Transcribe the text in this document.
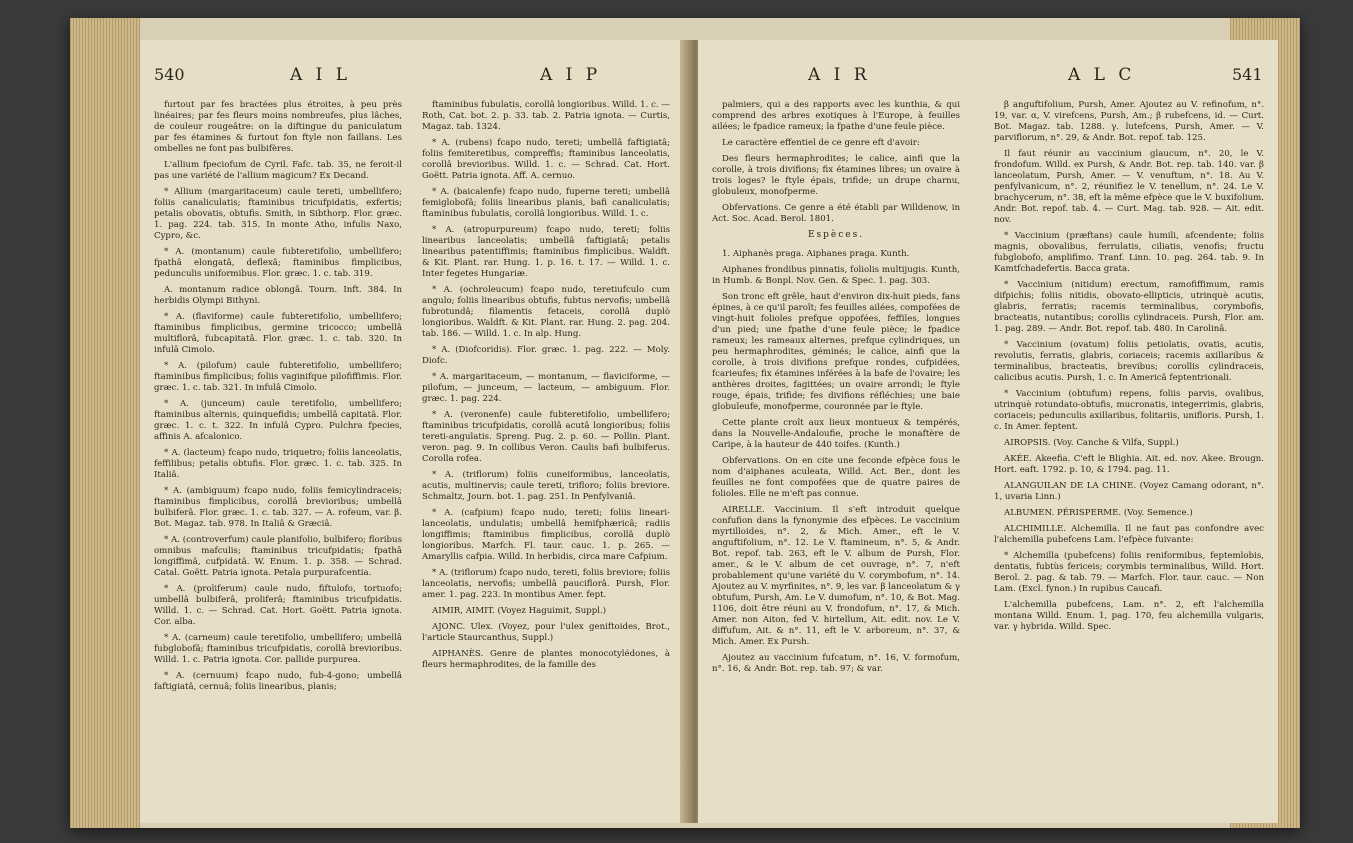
540	A I L	A I P

furtout par fes bractées plus étroites, à peu près linéaires; par fes fleurs moins nombreufes, plus lâches, de couleur rougeâtre: on la diftingue du paniculatum par fes étamines & furtout fon ftyle non faillans. Les ombelles ne font pas bulbifères.

L'allium fpeciofum de Cyril. Fafc. tab. 35, ne feroit-il pas une variété de l'allium magicum? Ex Decand.

* Allium (margaritaceum) caule tereti, umbellifero; foliis canaliculatis; ftaminibus tricufpidatis, exfertis; petalis obovatis, obtufis. Smith, in Sibthorp. Flor. græc. 1. pag. 224. tab. 315. In monte Atho, infulis Naxo, Cypro, &c.

* A. (montanum) caule fubteretifolio, umbellifero; fpathâ elongatâ, deflexâ; ftaminibus fimplicibus, pedunculis uniformibus. Flor. græc. 1. c. tab. 319.

A. montanum radice oblongâ. Tourn. Inft. 384. In herbidis Olympi Bithyni.

* A. (flaviforme) caule fubteretifolio, umbellifero; ftaminibus fimplicibus, germine tricocco; umbellâ multiflorâ, fubcapitatâ. Flor. græc. 1. c. tab. 320. In infulâ Cimolo.

* A. (pilofum) caule fubteretifolio, umbellifero; ftaminibus fimplicibus; foliis vaginifque pilofiffimis. Flor. græc. 1. c. tab. 321. In infulâ Cimolo.

* A. (junceum) caule teretifolio, umbellifero; ftaminibus alternis, quinquefidis; umbellâ capitatâ. Flor. græc. 1. c. t. 322. In infulâ Cypro. Pulchra fpecies, affinis A. afcalonico.

* A. (lacteum) fcapo nudo, triquetro; foliis lanceolatis, feffilibus; petalis obtufis. Flor. græc. 1. c. tab. 325. In Italiâ.

* A. (ambiguum) fcapo nudo, foliis femicylindraceis; ftaminibus fimplicibus, corollâ brevioribus; umbellâ bulbiferâ. Flor. græc. 1. c. tab. 327. — A. rofeum, var. β. Bot. Magaz. tab. 978. In Italiâ & Græciâ.

* A. (controverfum) caule planifolio, bulbifero; floribus omnibus mafculis; ftaminibus tricufpidatis; fpathâ longiffimâ, cufpidatâ. W. Enum. 1. p. 358. — Schrad. Catal. Goëtt. Patria ignota. Petala purpurafcentia.

* A. (proliferum) caule nudo, fiftulofo, tortuofo; umbellâ bulbiferâ, proliferâ; ftaminibus tricufpidatis. Willd. 1. c. — Schrad. Cat. Hort. Goëtt. Patria ignota. Cor. alba.

* A. (carneum) caule teretifolio, umbellifero; umbellâ fubglobofâ; ftaminibus tricufpidatis, corollâ brevioribus. Willd. 1. c. Patria ignota. Cor. pallide purpurea.

* A. (cernuum) fcapo nudo, fub-4-gono; umbellâ faftigiatâ, cernuâ; foliis linearibus, planis;

ftaminibus fubulatis, corollâ longioribus. Willd. 1. c. — Roth, Cat. bot. 2. p. 33. tab. 2. Patria ignota. — Curtis, Magaz. tab. 1324.

* A. (rubens) fcapo nudo, tereti; umbellâ faftigiatâ; foliis femiteretibus, compreffis; ftaminibus lanceolatis, corollâ brevioribus. Willd. 1. c. — Schrad. Cat. Hort. Goëtt. Patria ignota. Aff. A. cernuo.

* A. (baicalenfe) fcapo nudo, fuperne tereti; umbellâ femiglobofâ; foliis linearibus planis, bafi canaliculatis; ftaminibus fubulatis, corollâ longioribus. Willd. 1. c.

* A. (atropurpureum) fcapo nudo, tereti; foliis linearibus lanceolatis; umbellâ faftigiatâ; petalis linearibus patentiffimis; ftaminibus fimplicibus. Waldft. & Kit. Plant. rar. Hung. 1. p. 16. t. 17. — Willd. 1. c. Inter fegetes Hungariæ.

* A. (ochroleucum) fcapo nudo, teretiufculo cum angulo; foliis linearibus obtufis, fubtus nervofis; umbellâ fubrotundâ; filamentis fetaceis, corollâ duplò longioribus. Waldft. & Kit. Plant. rar. Hung. 2. pag. 204. tab. 186. — Willd. 1. c. In alp. Hung.

* A. (Diofcoridis). Flor. græc. 1. pag. 222. — Moly. Diofc.

* A. margaritaceum, — montanum, — flaviciforme, — pilofum, — junceum, — lacteum, — ambiguum. Flor. græc. 1. pag. 224.

* A. (veronenfe) caule fubteretifolio, umbellifero; ftaminibus tricufpidatis, corollâ acutâ longioribus; foliis tereti-angulatis. Spreng. Pug. 2. p. 60. — Pollin. Plant. veron. pag. 9. In collibus Veron. Caulis bafi bulbiferus. Corolla rofea.

* A. (triflorum) foliis cuneiformibus, lanceolatis, acutis, multinervis; caule tereti, trifloro; foliis breviore. Schmaltz, Journ. bot. 1. pag. 251. In Penfylvaniâ.

* A. (cafpium) fcapo nudo, tereti; foliis lineari-lanceolatis, undulatis; umbellâ hemifphæricâ; radiis longiffimis; ftaminibus fimplicibus, corollâ duplò longioribus. Marfch. Fl. taur. cauc. 1. p. 265. — Amaryllis cafpia. Willd. In herbidis, circa mare Cafpium.

* A. (triflorum) fcapo nudo, tereti, foliis breviore; foliis lanceolatis, nervofis; umbellâ pauciflorâ. Pursh, Flor. amer. 1. pag. 223. In montibus Amer. fept.

AIMIR, AIMIT. (Voyez Haguimit, Suppl.)

AJONC. Ulex. (Voyez, pour l'ulex geniftoides, Brot., l'article Staurcanthus, Suppl.)

AIPHANÈS. Genre de plantes monocotylédones, à fleurs hermaphrodites, de la famille des

A I R	A L C	541

palmiers, qui a des rapports avec les kunthia, & qui comprend des arbres exotiques à l'Europe, à feuilles ailées; le fpadice rameux; la fpathe d'une feule pièce.

Le caractère effentiel de ce genre eft d'avoir:

Des fleurs hermaphrodites; le calice, ainfi que la corolle, à trois divifions; fix étamines libres; un ovaire à trois loges? le ftyle épais, trifide; un drupe charnu, globuleux, monofperme.

Obfervations. Ce genre a été établi par Willdenow, in Act. Soc. Acad. Berol. 1801.

Espèces.

1. Aiphanès praga. Aiphanes praga. Kunth.

Aiphanes frondibus pinnatis, foliolis multijugis. Kunth, in Humb. & Bonpl. Nov. Gen. & Spec. 1. pag. 303.

Son tronc eft grêle, haut d'environ dix-huit pieds, fans épines, à ce qu'il paroît; fes feuilles ailées, compofées de vingt-huit folioles prefque oppofées, feffiles, longues d'un pied; une fpathe d'une feule pièce; le fpadice rameux; les rameaux alternes, prefque cylindriques, un peu hermaphrodites, géminés; le calice, ainfi que la corolle, à trois divifions prefque rondes, cufpidées, fcarieufes; fix étamines inférées à la bafe de l'ovaire; les anthères droites, fagittées; un ovaire arrondi; le ftyle rouge, épais, trifide; fes divifions réfléchies; une baie globuleufe, monofperme, couronnée par le ftyle.

Cette plante croît aux lieux montueux & tempérés, dans la Nouvelle-Andaloufie, proche le monaftère de Caripe, à la hauteur de 440 toifes. (Kunth.)

Obfervations. On en cite une feconde efpèce fous le nom d'aiphanes aculeata, Willd. Act. Ber., dont les feuilles ne font compofées que de quatre paires de folioles. Elle ne m'eft pas connue.

AIRELLE. Vaccinium. Il s'eft introduit quelque confufion dans la fynonymie des efpèces. Le vaccinium myrtilloides, n°. 2, & Mich. Amer., eft le V. anguftifolium, n°. 12. Le V. ftamineum, n°. 5, & Andr. Bot. repof. tab. 263, eft le V. album de Pursh, Flor. amer., & le V. album de cet ouvrage, n°. 7, n'eft probablement qu'une variété du V. corymbofum, n°. 14. Ajoutez au V. myrfinites, n°. 9, les var. β lanceolatum & γ obtufum, Pursh, Am. Le V. dumofum, n°. 10, & Bot. Mag. 1106, doit être réuni au V. frondofum, n°. 17, & Mich. Amer. non Aiton, fed V. hirtellum, Ait. edit. nov. Le V. diffufum, Ait. & n°. 11, eft le V. arboreum, n°. 37, & Mich. Amer. Ex Pursh.

Ajoutez au vaccinium fufcatum, n°. 16, V. formofum, n°. 16, & Andr. Bot. rep. tab. 97; & var.

β anguftifolium, Pursh, Amer. Ajoutez au V. refinofum, n°. 19, var. α, V. virefcens, Pursh, Am.; β rubefcens, id. — Curt. Bot. Magaz. tab. 1288. γ. lutefcens, Pursh, Amer. — V. parviflorum, n°. 29, & Andr. Bot. repof. tab. 125.

Il faut réunir au vaccinium glaucum, n°. 20, le V. frondofum. Willd. ex Pursh, & Andr. Bot. rep. tab. 140. var. β lanceolatum, Pursh, Amer. — V. venuftum, n°. 18. Au V. penfylvanicum, n°. 2, réunifiez le V. tenellum, n°. 24. Le V. brachycerum, n°. 38, eft la même efpèce que le V. buxifolium. Andr. Bot. repof. tab. 4. — Curt. Mag. tab. 928. — Ait. edit. nov.

* Vaccinium (præftans) caule humili, afcendente; foliis magnis, obovalibus, ferrulatis, ciliatis, venofis; fructu fubglobofo, amplifimo. Tranf. Linn. 10. pag. 264. tab. 9. In Kamtfchadefertis. Bacca grata.

* Vaccinium (nitidum) erectum, ramofiffimum, ramis difpichis; foliis nitidis, obovato-ellipticis, utrinquè acutis, glabris, ferratis; racemis terminalibus, corymbofis, bracteatis, nutantibus; corollis cylindraceis. Pursh, Flor. am. 1. pag. 289. — Andr. Bot. repof. tab. 480. In Carolinâ.

* Vaccinium (ovatum) foliis petiolatis, ovatis, acutis, revolutis, ferratis, glabris, coriaceis; racemis axillaribus & terminalibus, bracteatis, brevibus; corollis cylindraceis, calicibus acutis. Pursh, 1. c. In Americâ feptentrionali.

* Vaccinium (obtufum) repens, foliis parvis, ovalibus, utrinquè rotundato-obtufis, mucronatis, integerrimis, glabris, coriaceis; pedunculis axillaribus, folitariis, unifloris. Pursh, 1. c. In Amer. feptent.

AIROPSIS. (Voy. Canche & Vilfa, Suppl.)

AKÉE. Akeefia. C'eft le Blighia. Ait. ed. nov. Akee. Brougn. Hort. eaft. 1792. p. 10, & 1794. pag. 11.

ALANGUILAN DE LA CHINE. (Voyez Camang odorant, n°. 1, uvaria Linn.)

ALBUMEN. PÉRISPERME. (Voy. Semence.)

ALCHIMILLE. Alchemilla. Il ne faut pas confondre avec l'alchemilla pubefcens Lam. l'efpèce fuivante:

* Alchemilla (pubefcens) foliis reniformibus, feptemlobis, dentatis, fubtùs fericeis; corymbis terminalibus, Willd. Hort. Berol. 2. pag. & tab. 79. — Marfch. Flor. taur. cauc. — Non Lam. (Excl. fynon.) In rupibus Caucafi.

L'alchemilla pubefcens, Lam. n°. 2, eft l'alchemilla montana Willd. Enum. 1, pag. 170, feu alchemilla vulgaris, var. γ hybrida. Willd. Spec.
